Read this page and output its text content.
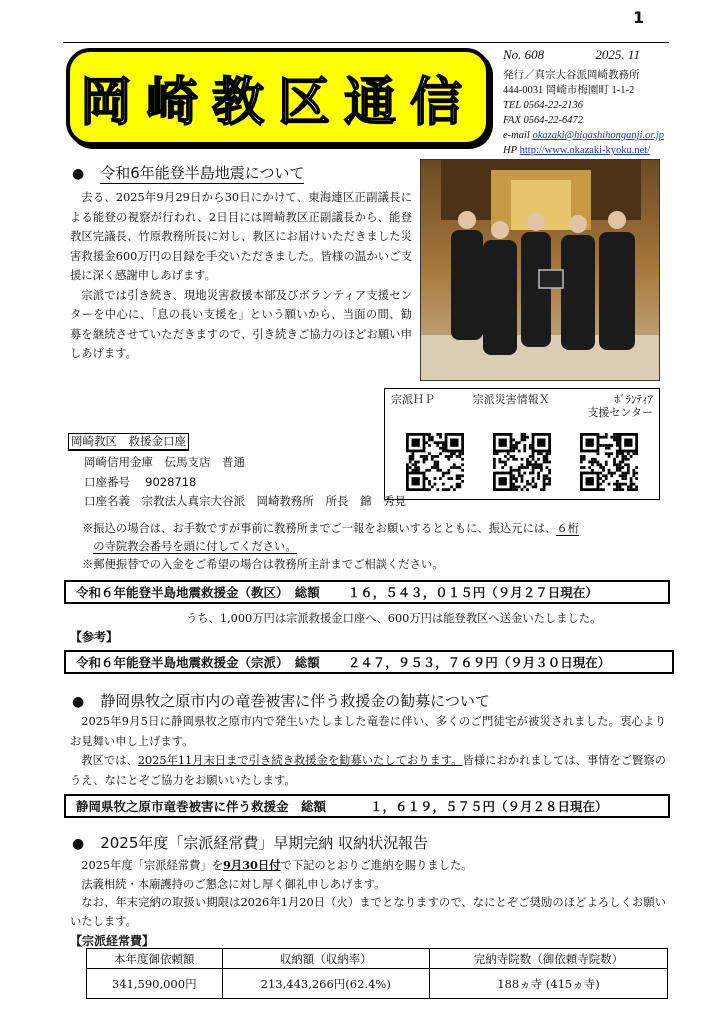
1
岡崎教区通信
No. 608	2025. 11
発行／真宗大谷派岡崎教務所
444-0031 岡崎市梅園町 1-1-2
TEL 0564-22-2136
FAX 0564-22-6472
e-mail okazaki@higashihonganji.or.jp
HP http://www.okazaki-kyoku.net/
● 令和6年能登半島地震について

去る、2025年9月29日から30日にかけて、東海連区正副議長による能登の視察が行われ、2日目には岡崎教区正副議長から、能登教区完議長、竹原教務所長に対し、教区にお届けいただきました災害救援金600万円の目録を手交いただきました。皆様の温かいご支援に深く感謝申しあげます。

宗派では引き続き、現地災害救援本部及びボランティア支援センターを中心に、「息の長い支援を」という願いから、当面の間、勧募を継続させていただきますので、引き続きご協力のほどお願い申しあげます。

宗派ＨＰ	宗派災害情報Ｘ	ﾎﾞﾗﾝﾃｨｱ
支援センター
岡崎教区　救援金口座
岡崎信用金庫　伝馬支店　普通
口座番号　 9028718
口座名義　宗教法人真宗大谷派　岡崎教務所　所長　錦　秀見
※振込の場合は、お手数ですが事前に教務所までご一報をお願いするとともに、振込元には、６桁
の寺院教会番号を頭に付してください。
※郵便振替での入金をご希望の場合は教務所主計までご相談ください。
令和６年能登半島地震救援金（教区）　総額 １６，５４３，０１５円（９月２７日現在）
うち、1,000万円は宗派救援金口座へ、600万円は能登教区へ送金いたしました。
【参考】
令和６年能登半島地震救援金（宗派）　総額 ２４７，９５３，７６９円（９月３０日現在）
● 静岡県牧之原市内の竜巻被害に伴う救援金の勧募について

2025年9月5日に静岡県牧之原市内で発生いたしました竜巻に伴い、多くのご門徒宅が被災されました。衷心よりお見舞い申し上げます。

教区では、2025年11月末日まで引き続き救援金を勧募いたしております。皆様におかれましては、事情をご賢察のうえ、なにとぞご協力をお願いいたします。

静岡県牧之原市竜巻被害に伴う救援金　総額	１，６１９，５７５円（９月２８日現在）
● 2025年度「宗派経常費」早期完納 収納状況報告

2025年度「宗派経常費」を9月30日付で下記のとおりご進納を賜りました。

法義相続・本廟護持のご懇念に対し厚く御礼申しあげます。

なお、年末完納の取扱い期限は2026年1月20日（火）までとなりますので、なにとぞご奨励のほどよろしくお願いいたします。

【宗派経常費】
本年度御依頼額	収納額（収納率）	完納寺院数（御依頼寺院数）
341,590,000円	213,443,266円(62.4%)	188ヵ寺 (415ヵ寺)
